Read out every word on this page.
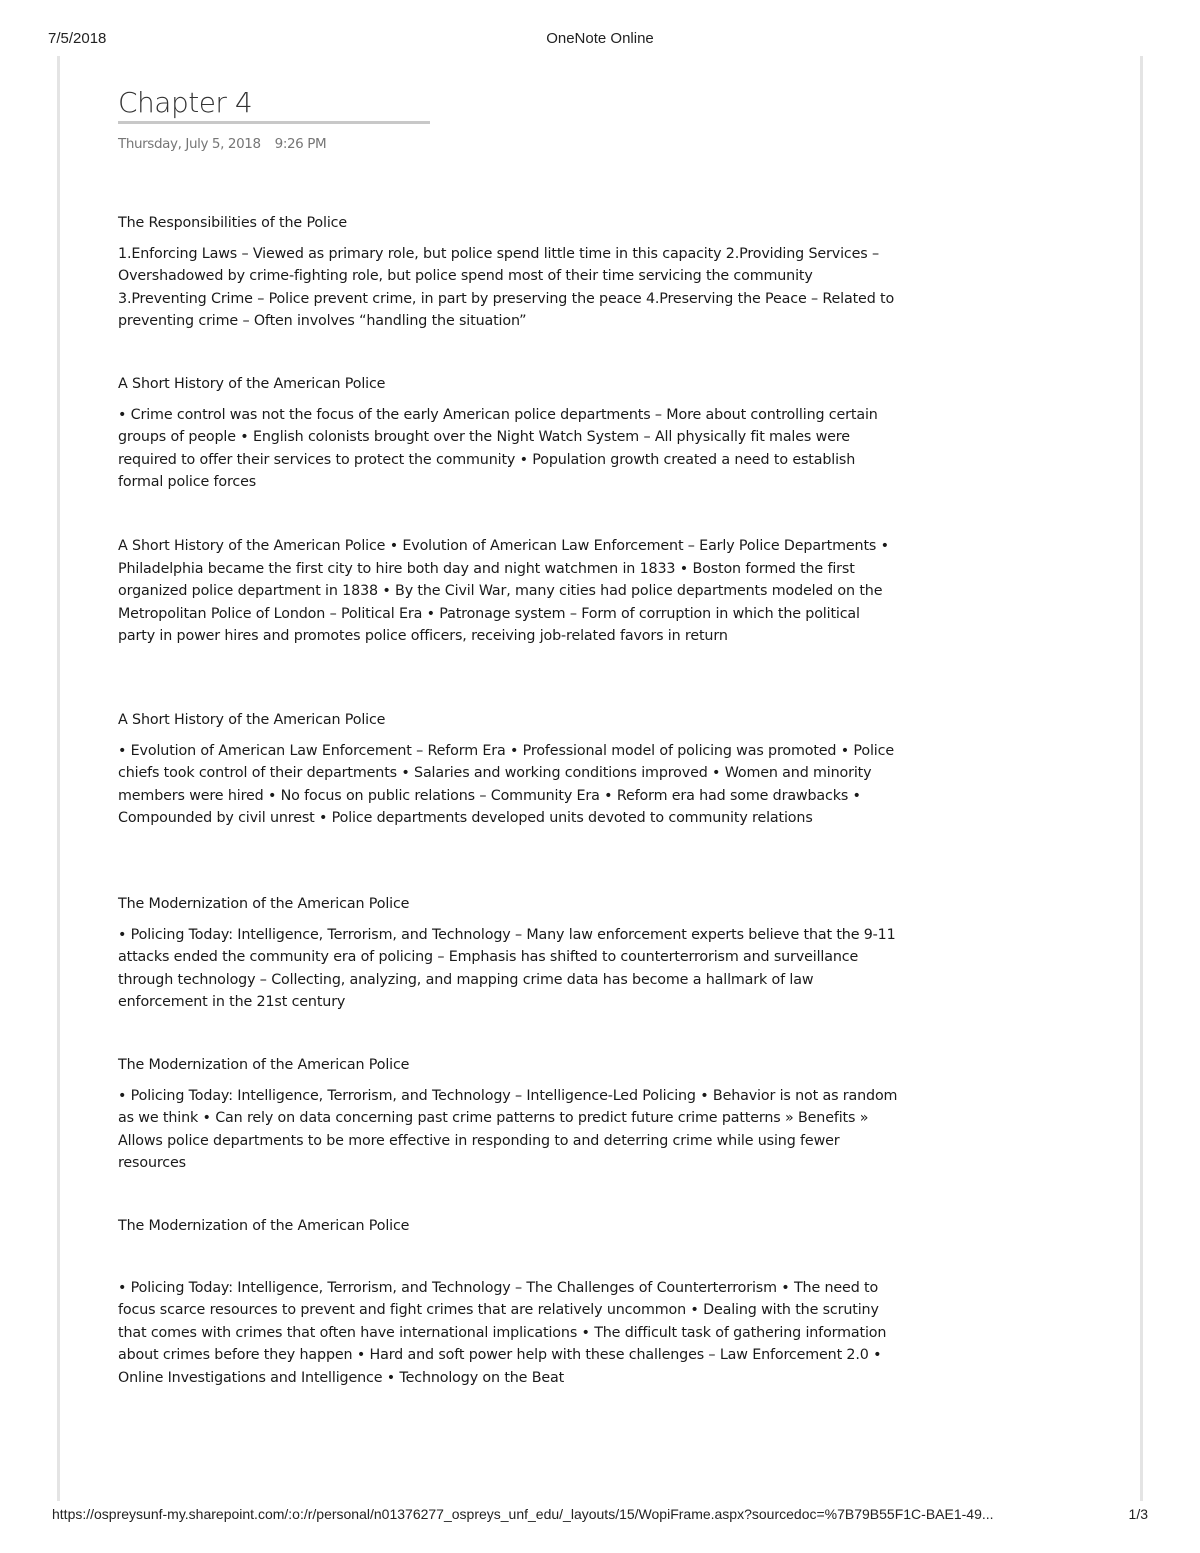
7/5/2018	OneNote Online
Chapter 4
Thursday, July 5, 2018 9:26 PM

The Responsibilities of the Police

1.Enforcing Laws – Viewed as primary role, but police spend little time in this capacity 2.Providing Services – Overshadowed by crime-fighting role, but police spend most of their time servicing the community 3.Preventing Crime – Police prevent crime, in part by preserving the peace 4.Preserving the Peace – Related to preventing crime – Often involves “handling the situation”

A Short History of the American Police

• Crime control was not the focus of the early American police departments – More about controlling certain groups of people • English colonists brought over the Night Watch System – All physically fit males were required to offer their services to protect the community • Population growth created a need to establish formal police forces

A Short History of the American Police • Evolution of American Law Enforcement – Early Police Departments • Philadelphia became the first city to hire both day and night watchmen in 1833 • Boston formed the first organized police department in 1838 • By the Civil War, many cities had police departments modeled on the Metropolitan Police of London – Political Era • Patronage system – Form of corruption in which the political party in power hires and promotes police officers, receiving job-related favors in return

A Short History of the American Police

• Evolution of American Law Enforcement – Reform Era • Professional model of policing was promoted • Police chiefs took control of their departments • Salaries and working conditions improved • Women and minority members were hired • No focus on public relations – Community Era • Reform era had some drawbacks • Compounded by civil unrest • Police departments developed units devoted to community relations

The Modernization of the American Police

• Policing Today: Intelligence, Terrorism, and Technology – Many law enforcement experts believe that the 9-11 attacks ended the community era of policing – Emphasis has shifted to counterterrorism and surveillance through technology – Collecting, analyzing, and mapping crime data has become a hallmark of law enforcement in the 21st century

The Modernization of the American Police

• Policing Today: Intelligence, Terrorism, and Technology – Intelligence-Led Policing • Behavior is not as random as we think • Can rely on data concerning past crime patterns to predict future crime patterns » Benefits » Allows police departments to be more effective in responding to and deterring crime while using fewer resources

The Modernization of the American Police

• Policing Today: Intelligence, Terrorism, and Technology – The Challenges of Counterterrorism • The need to focus scarce resources to prevent and fight crimes that are relatively uncommon • Dealing with the scrutiny that comes with crimes that often have international implications • The difficult task of gathering information about crimes before they happen • Hard and soft power help with these challenges – Law Enforcement 2.0 • Online Investigations and Intelligence • Technology on the Beat

https://ospreysunf-my.sharepoint.com/:o:/r/personal/n01376277_ospreys_unf_edu/_layouts/15/WopiFrame.aspx?sourcedoc=%7B79B55F1C-BAE1-49...	1/3
